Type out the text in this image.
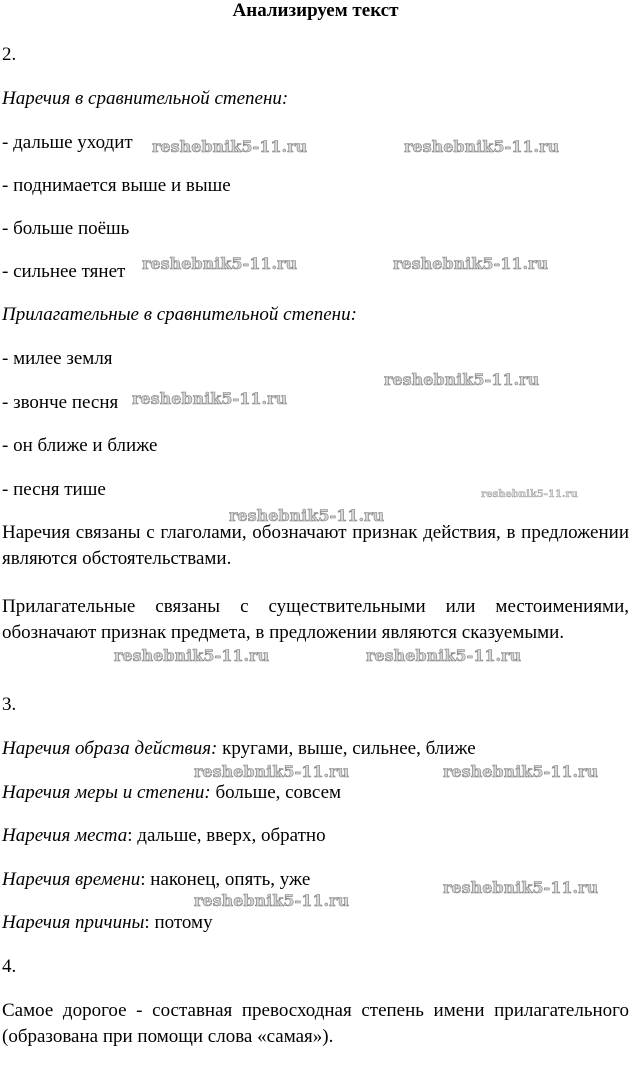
Анализируем текст
2.
Наречия в сравнительной степени:
- дальше уходит
- поднимается выше и выше
- больше поёшь
- сильнее тянет
Прилагательные в сравнительной степени:
- милее земля
- звонче песня
- он ближе и ближе
- песня тише
Наречия связаны с глаголами, обозначают признак действия, в предложении являются обстоятельствами.
Прилагательные связаны с существительными или местоимениями, обозначают признак предмета, в предложении являются сказуемыми.
3.
Наречия образа действия: кругами, выше, сильнее, ближе
Наречия меры и степени: больше, совсем
Наречия места: дальше, вверх, обратно
Наречия времени: наконец, опять, уже
Наречия причины: потому
4.
Самое дорогое - составная превосходная степень имени прилагательного (образована при помощи слова «самая»).
reshebnik5-11.ru	reshebnik5-11.ru
reshebnik5-11.ru	reshebnik5-11.ru
reshebnik5-11.ru
reshebnik5-11.ru
reshebnik5-11.ru
reshebnik5-11.ru
reshebnik5-11.ru	reshebnik5-11.ru
reshebnik5-11.ru	reshebnik5-11.ru
reshebnik5-11.ru
reshebnik5-11.ru
